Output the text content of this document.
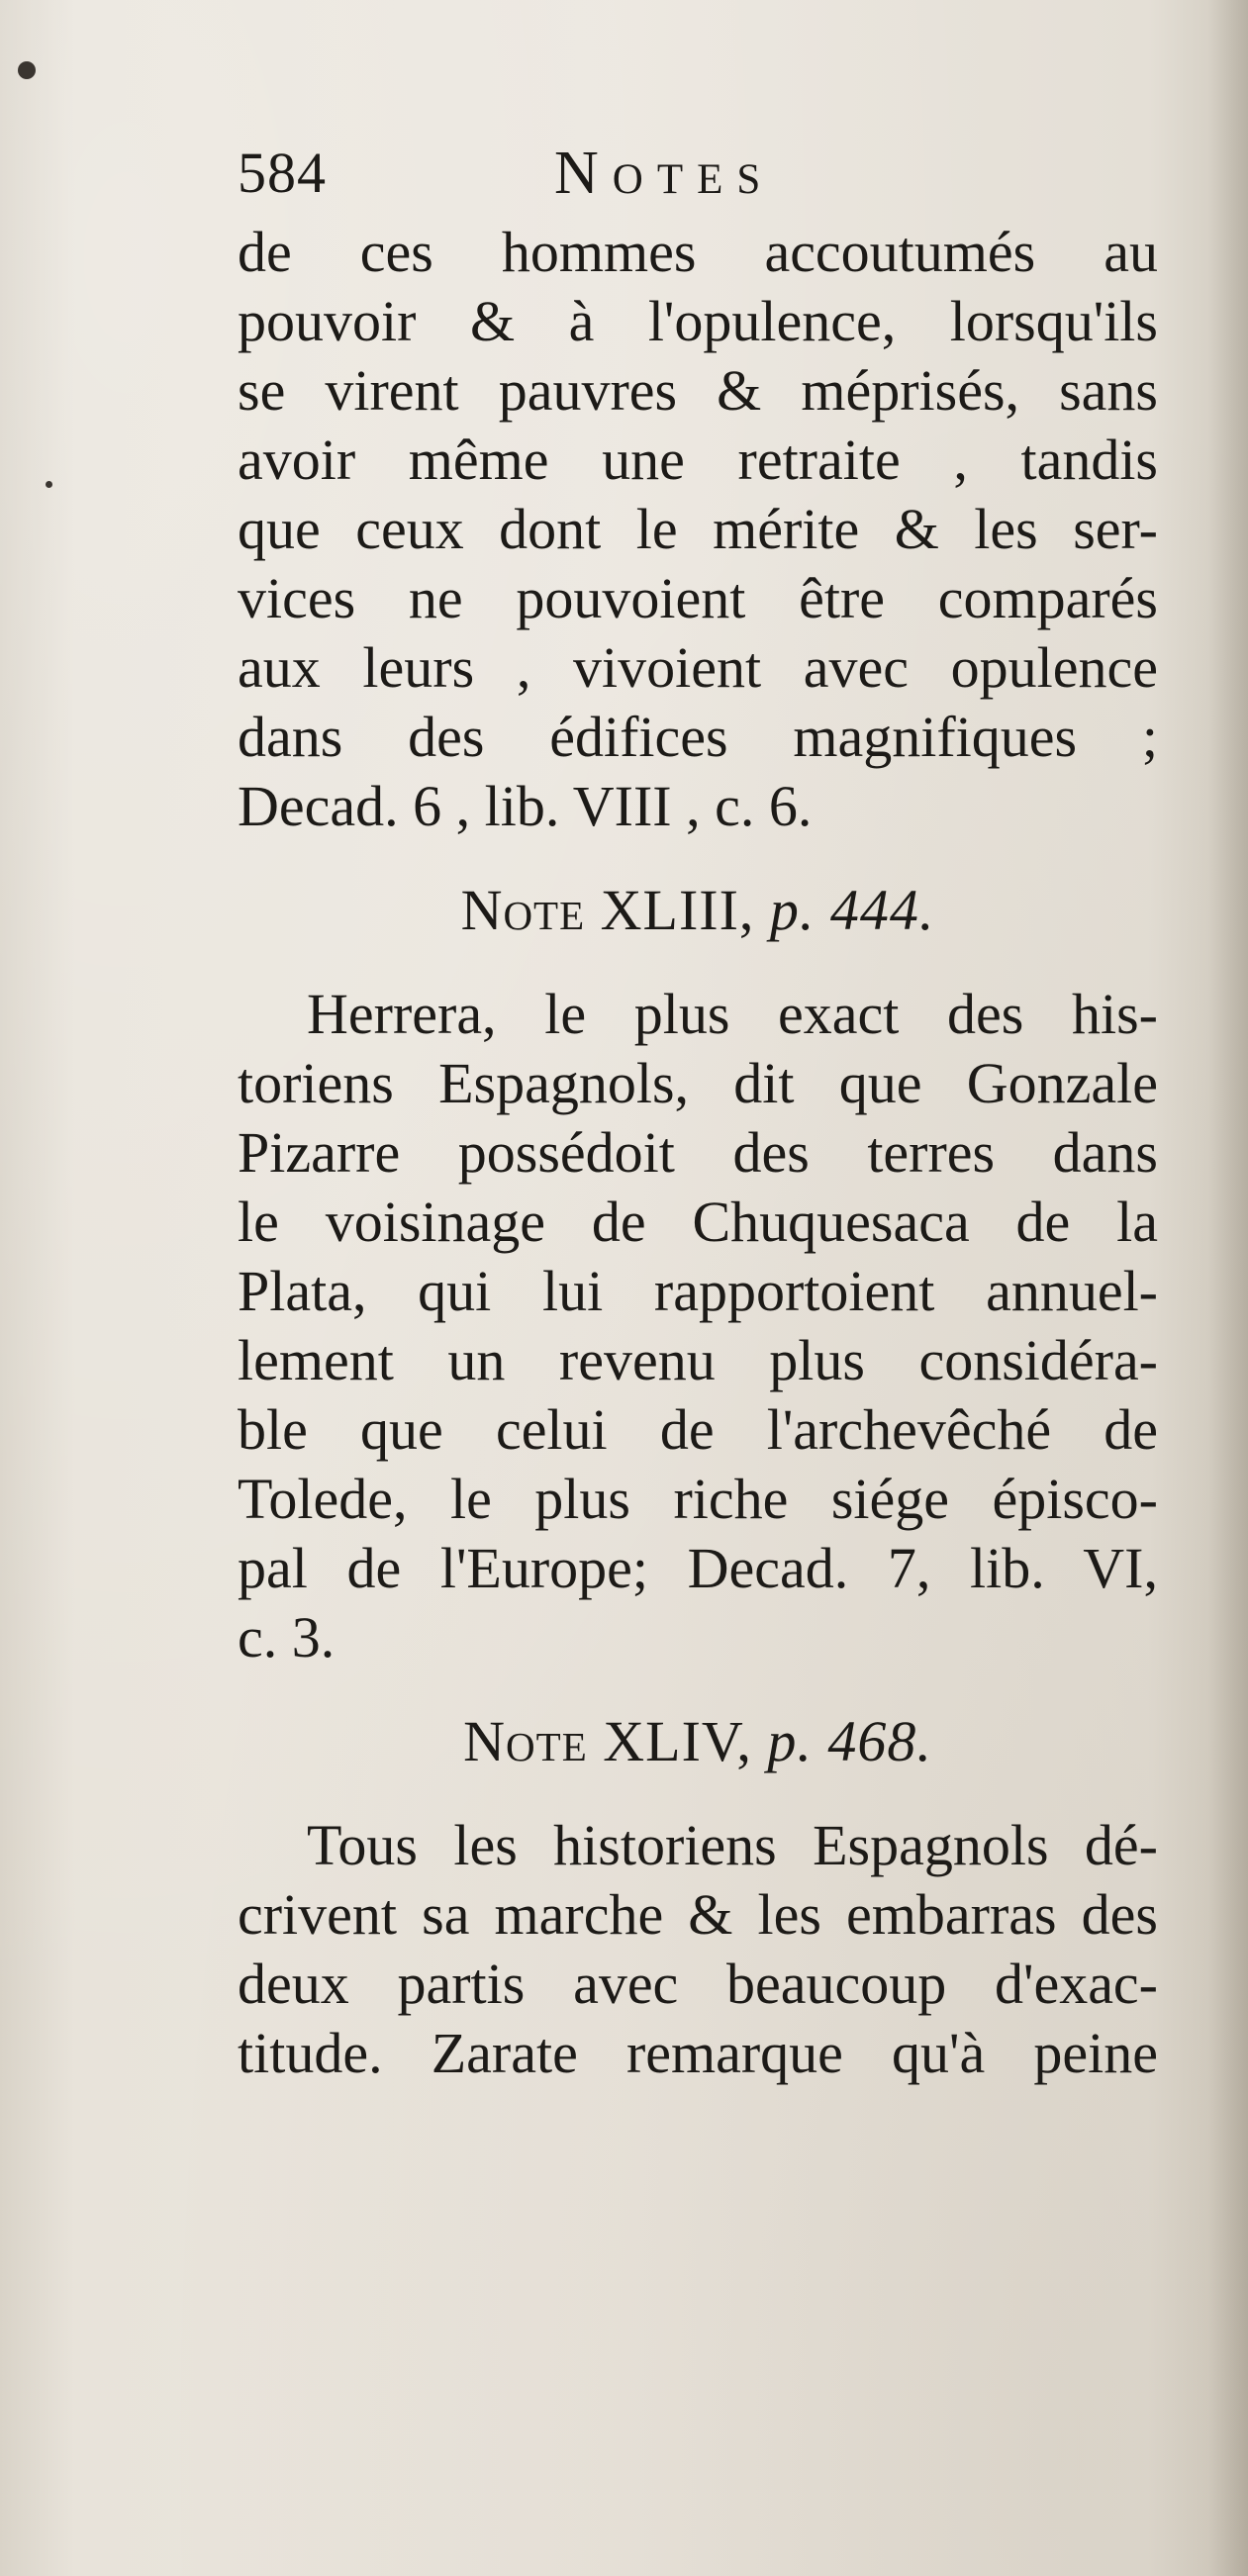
584	Notes
de ces hommes accoutumés au
pouvoir & à l'opulence, lorsqu'ils
se virent pauvres & méprisés, sans
avoir même une retraite , tandis
que ceux dont le mérite & les ser-
vices ne pouvoient être comparés
aux leurs , vivoient avec opulence
dans des édifices magnifiques ;
Decad. 6 , lib. VIII , c. 6.
Note XLIII, p. 444.
Herrera, le plus exact des his-
toriens Espagnols, dit que Gonzale
Pizarre possédoit des terres dans
le voisinage de Chuquesaca de la
Plata, qui lui rapportoient annuel-
lement un revenu plus considéra-
ble que celui de l'archevêché de
Tolede, le plus riche siége épisco-
pal de l'Europe; Decad. 7, lib. VI,
c. 3.
Note XLIV, p. 468.
Tous les historiens Espagnols dé-
crivent sa marche & les embarras des
deux partis avec beaucoup d'exac-
titude. Zarate remarque qu'à peine
